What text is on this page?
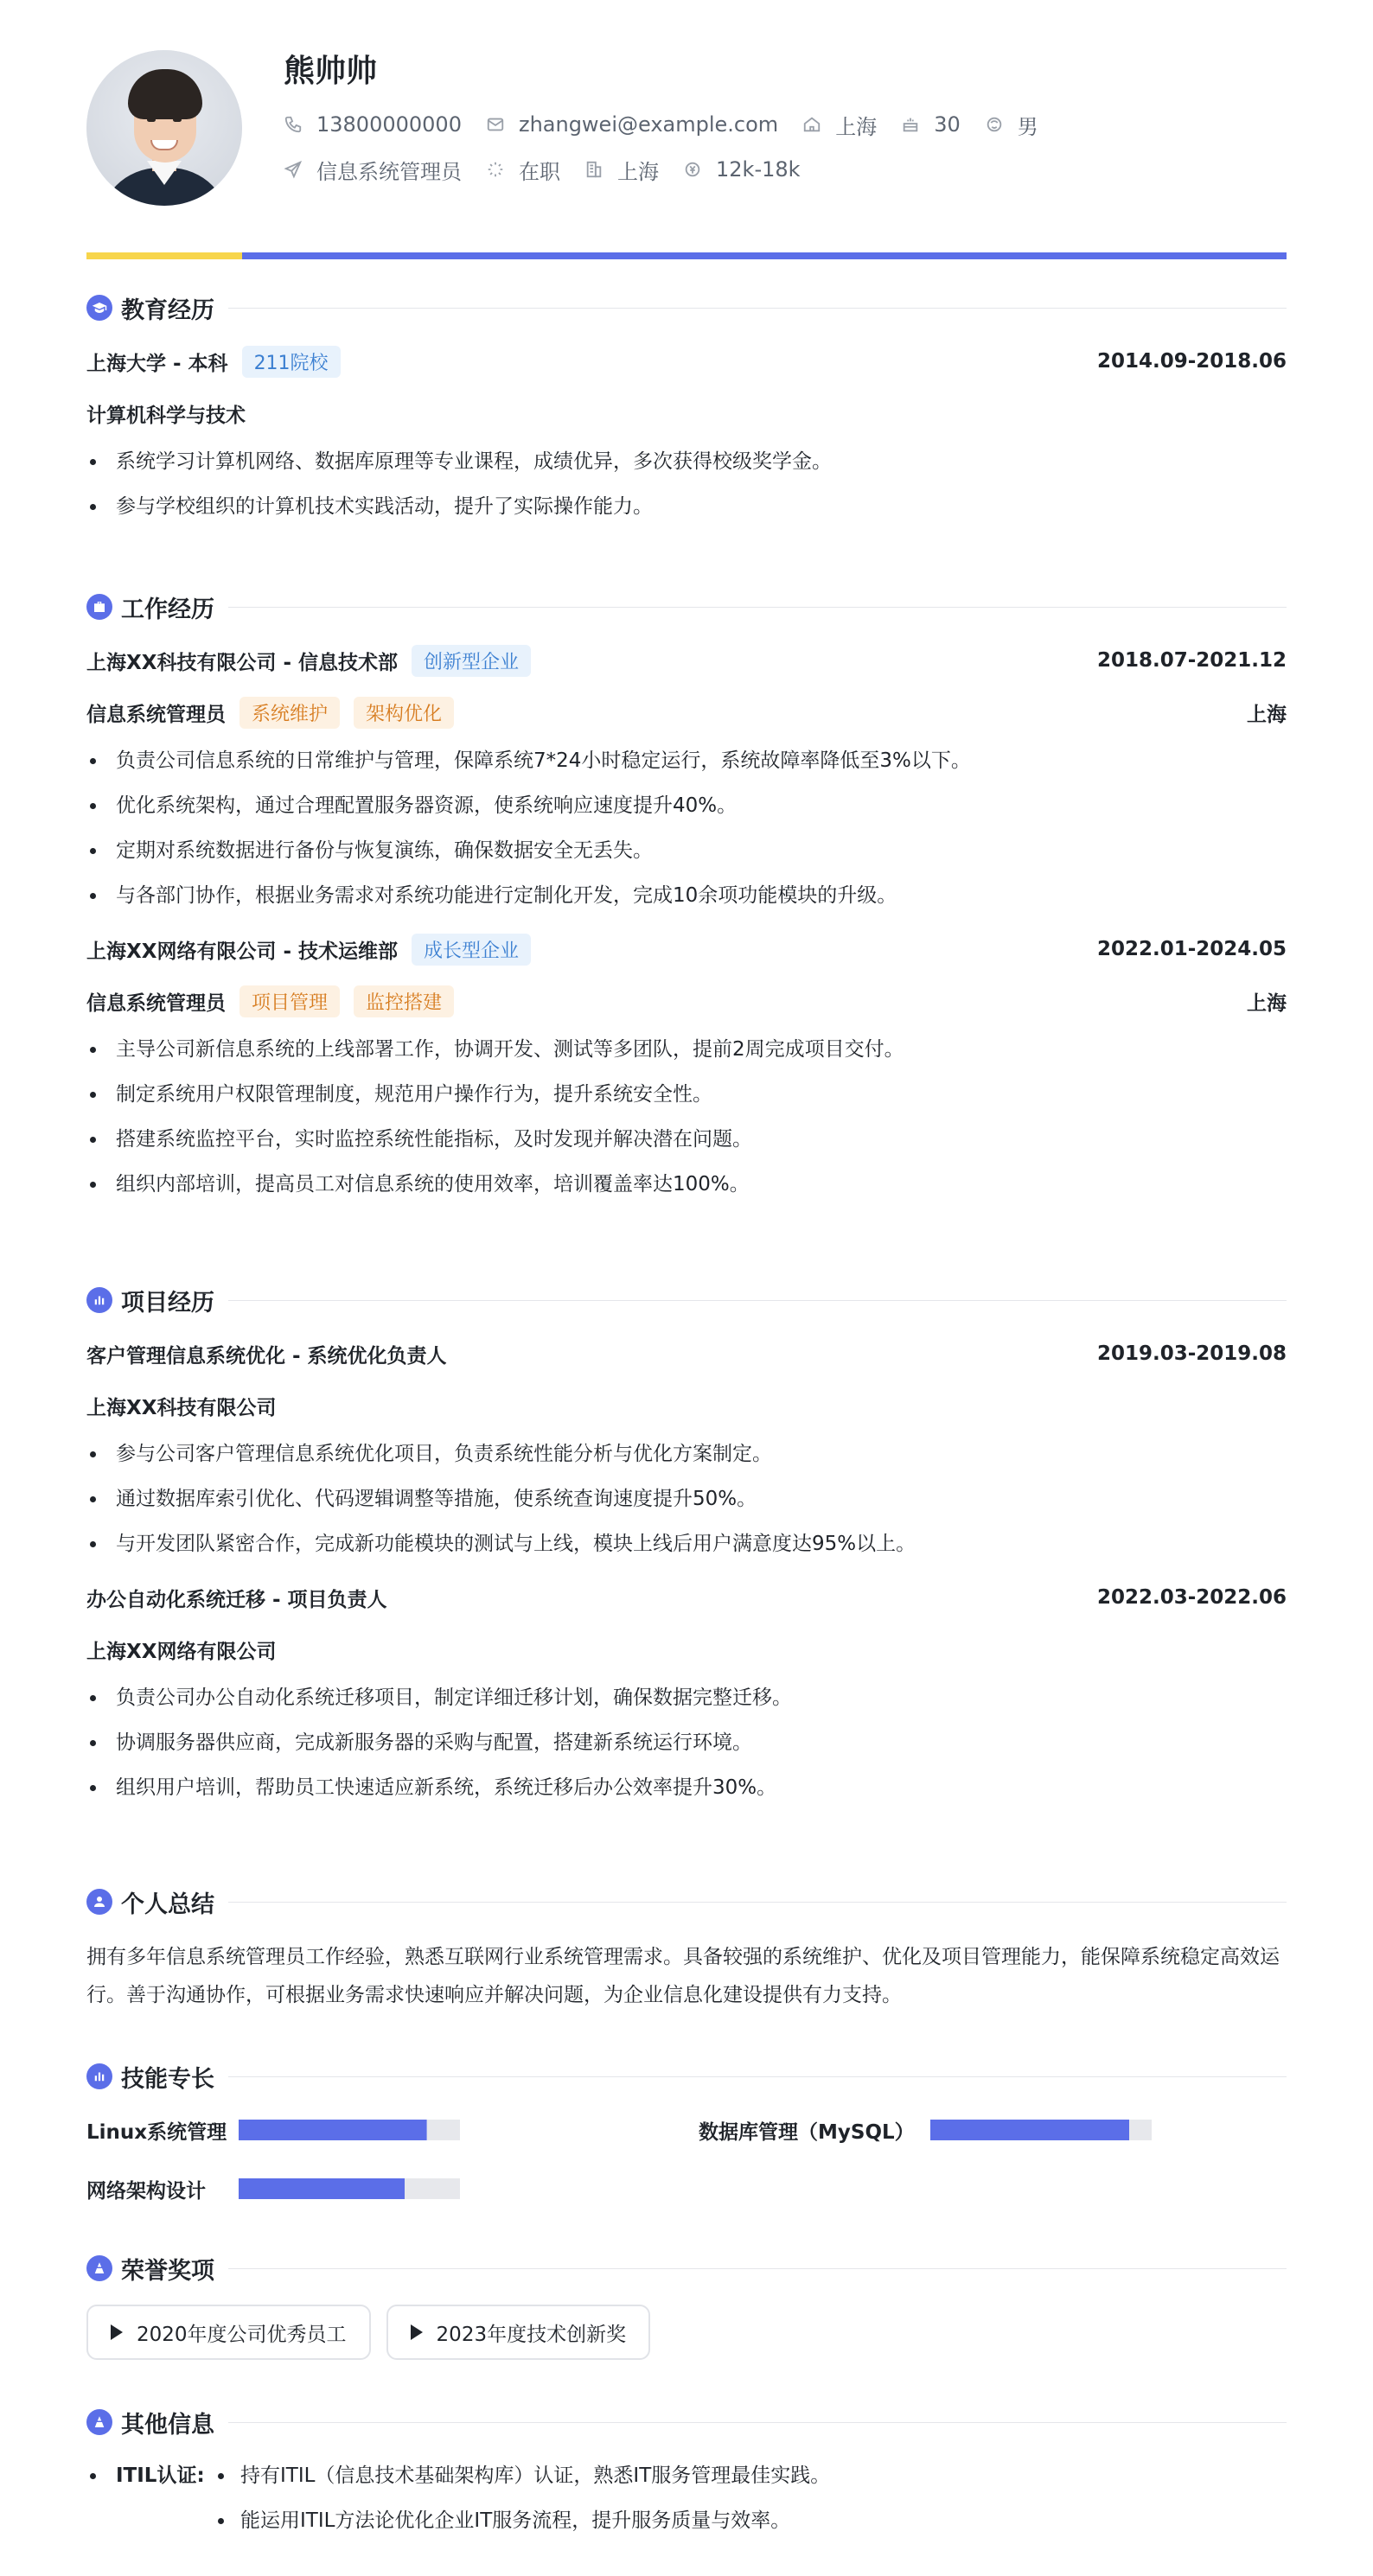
熊帅帅
13800000000	zhangwei@example.com	上海	30	男
信息系统管理员	在职	上海	12k-18k
教育经历
上海大学 - 本科	211院校	2014.09-2018.06
计算机科学与技术
系统学习计算机网络、数据库原理等专业课程，成绩优异，多次获得校级奖学金。
参与学校组织的计算机技术实践活动，提升了实际操作能力。
工作经历
上海XX科技有限公司 - 信息技术部	创新型企业	2018.07-2021.12
信息系统管理员	系统维护	架构优化	上海
负责公司信息系统的日常维护与管理，保障系统7*24小时稳定运行，系统故障率降低至3%以下。
优化系统架构，通过合理配置服务器资源，使系统响应速度提升40%。
定期对系统数据进行备份与恢复演练，确保数据安全无丢失。
与各部门协作，根据业务需求对系统功能进行定制化开发，完成10余项功能模块的升级。
上海XX网络有限公司 - 技术运维部	成长型企业	2022.01-2024.05
信息系统管理员	项目管理	监控搭建	上海
主导公司新信息系统的上线部署工作，协调开发、测试等多团队，提前2周完成项目交付。
制定系统用户权限管理制度，规范用户操作行为，提升系统安全性。
搭建系统监控平台，实时监控系统性能指标，及时发现并解决潜在问题。
组织内部培训，提高员工对信息系统的使用效率，培训覆盖率达100%。
项目经历
客户管理信息系统优化 - 系统优化负责人	2019.03-2019.08
上海XX科技有限公司
参与公司客户管理信息系统优化项目，负责系统性能分析与优化方案制定。
通过数据库索引优化、代码逻辑调整等措施，使系统查询速度提升50%。
与开发团队紧密合作，完成新功能模块的测试与上线，模块上线后用户满意度达95%以上。
办公自动化系统迁移 - 项目负责人	2022.03-2022.06
上海XX网络有限公司
负责公司办公自动化系统迁移项目，制定详细迁移计划，确保数据完整迁移。
协调服务器供应商，完成新服务器的采购与配置，搭建新系统运行环境。
组织用户培训，帮助员工快速适应新系统，系统迁移后办公效率提升30%。
个人总结

拥有多年信息系统管理员工作经验，熟悉互联网行业系统管理需求。具备较强的系统维护、优化及项目管理能力，能保障系统稳定高效运行。善于沟通协作，可根据业务需求快速响应并解决问题，为企业信息化建设提供有力支持。

技能专长
Linux系统管理	数据库管理（MySQL）
网络架构设计
荣誉奖项
2020年度公司优秀员工	2023年度技术创新奖
其他信息
ITIL认证:	持有ITIL（信息技术基础架构库）认证，熟悉IT服务管理最佳实践。
能运用ITIL方法论优化企业IT服务流程，提升服务质量与效率。
